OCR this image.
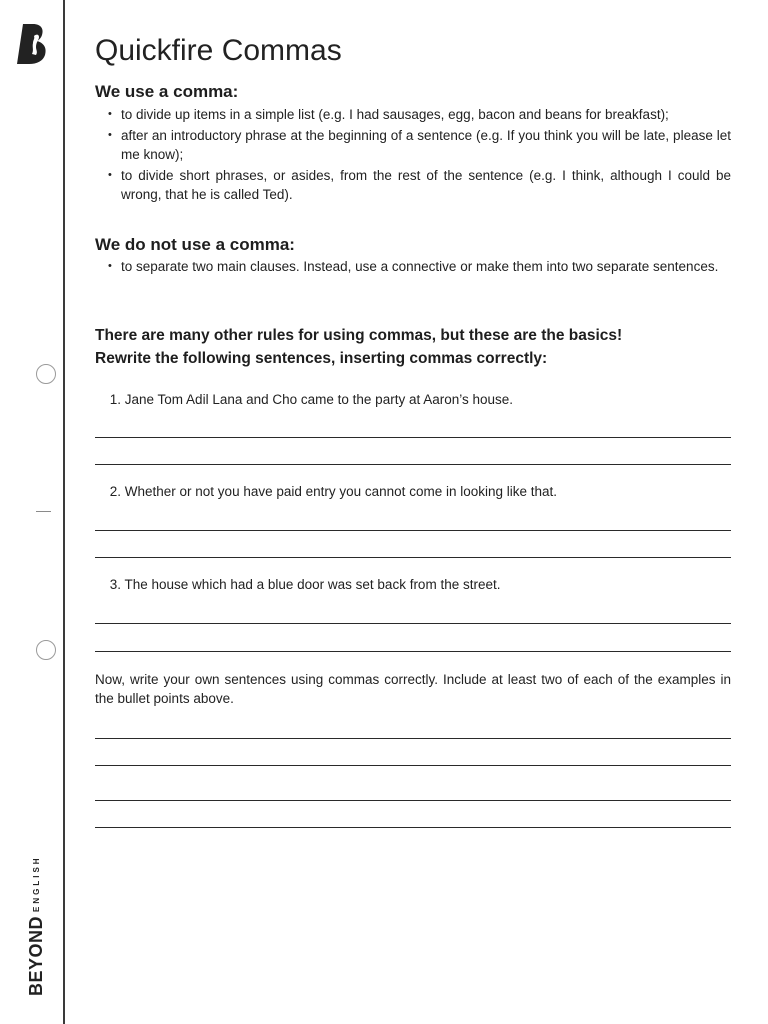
BEYONDENGLISH
Quickfire Commas
We use a comma:
• to divide up items in a simple list (e.g. I had sausages, egg, bacon and beans for breakfast);
• after an introductory phrase at the beginning of a sentence (e.g. If you think you will be late, please let me know);
• to divide short phrases, or asides, from the rest of the sentence (e.g. I think, although I could be wrong, that he is called Ted).
We do not use a comma:
• to separate two main clauses. Instead, use a connective or make them into two separate sentences.
There are many other rules for using commas, but these are the basics!
Rewrite the following sentences, inserting commas correctly:
1. Jane Tom Adil Lana and Cho came to the party at Aaron’s house.
2. Whether or not you have paid entry you cannot come in looking like that.
3. The house which had a blue door was set back from the street.
Now, write your own sentences using commas correctly. Include at least two of each of the examples in the bullet points above.
